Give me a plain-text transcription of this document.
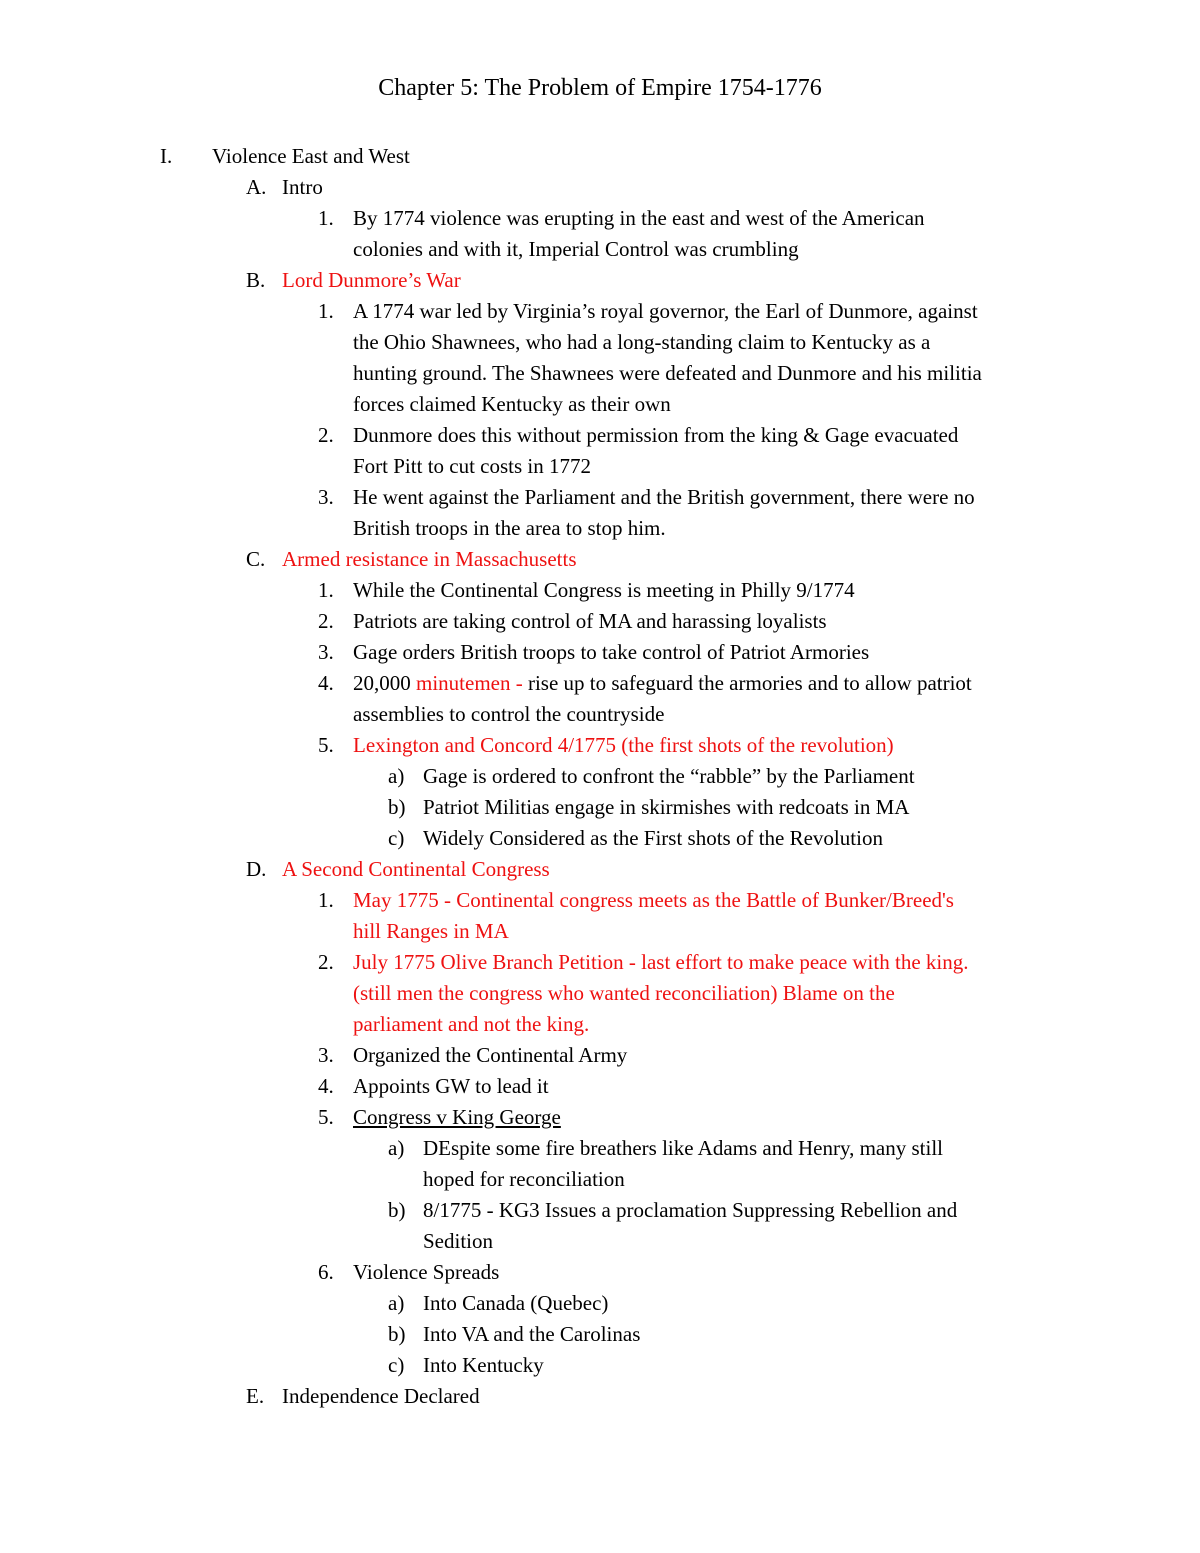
Chapter 5: The Problem of Empire 1754-1776
I. Violence East and West
A. Intro
1. By 1774 violence was erupting in the east and west of the American
colonies and with it, Imperial Control was crumbling
B. Lord Dunmore’s War
1. A 1774 war led by Virginia’s royal governor, the Earl of Dunmore, against
the Ohio Shawnees, who had a long-standing claim to Kentucky as a
hunting ground. The Shawnees were defeated and Dunmore and his militia
forces claimed Kentucky as their own
2. Dunmore does this without permission from the king & Gage evacuated
Fort Pitt to cut costs in 1772
3. He went against the Parliament and the British government, there were no
British troops in the area to stop him.
C. Armed resistance in Massachusetts
1. While the Continental Congress is meeting in Philly 9/1774
2. Patriots are taking control of MA and harassing loyalists
3. Gage orders British troops to take control of Patriot Armories
4. 20,000 minutemen - rise up to safeguard the armories and to allow patriot
assemblies to control the countryside
5. Lexington and Concord 4/1775 (the first shots of the revolution)
a) Gage is ordered to confront the “rabble” by the Parliament
b) Patriot Militias engage in skirmishes with redcoats in MA
c) Widely Considered as the First shots of the Revolution
D. A Second Continental Congress
1. May 1775 - Continental congress meets as the Battle of Bunker/Breed's
hill Ranges in MA
2. July 1775 Olive Branch Petition - last effort to make peace with the king.
(still men the congress who wanted reconciliation) Blame on the
parliament and not the king.
3. Organized the Continental Army
4. Appoints GW to lead it
5. Congress v King George
a) DEspite some fire breathers like Adams and Henry, many still
hoped for reconciliation
b) 8/1775 - KG3 Issues a proclamation Suppressing Rebellion and
Sedition
6. Violence Spreads
a) Into Canada (Quebec)
b) Into VA and the Carolinas
c) Into Kentucky
E. Independence Declared
